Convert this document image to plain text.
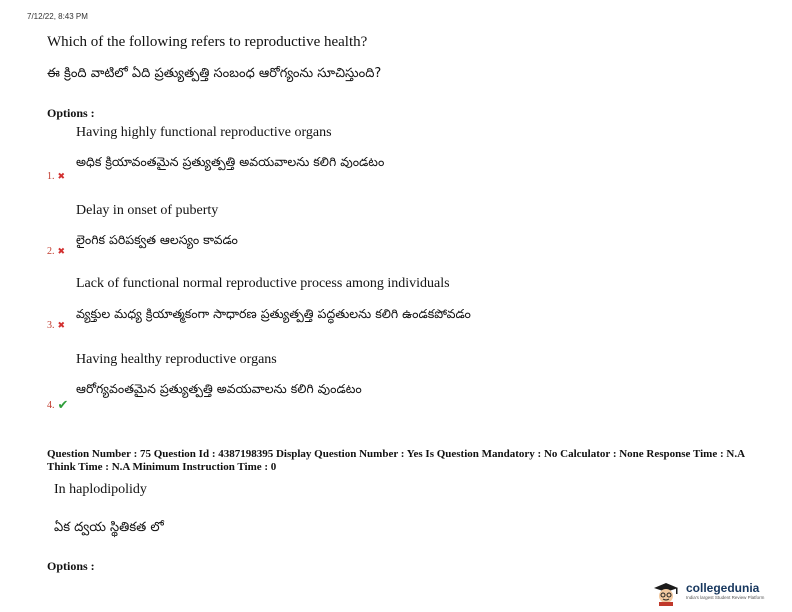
7/12/22, 8:43 PM
Which of the following refers to reproductive health?
ఈ క్రింది వాటిలో ఏది ప్రత్యుత్పత్తి సంబంధ ఆరోగ్యంను సూచిస్తుంది?
Options :
Having highly functional reproductive organs
అధిక క్రియావంతమైన ప్రత్యుత్పత్తి అవయవాలను కలిగి వుండటం
1. ✖
Delay in onset of puberty
లైంగిక పరిపక్వత ఆలస్యం కావడం
2. ✖
Lack of functional normal reproductive process among individuals
వ్యక్తుల మధ్య క్రియాత్మకంగా సాధారణ ప్రత్యుత్పత్తి పద్ధతులను కలిగి ఉండకపోవడం
3. ✖
Having healthy reproductive organs
ఆరోగ్యవంతమైన ప్రత్యుత్పత్తి అవయవాలను కలిగి వుండటం
4. ✔
Question Number : 75 Question Id : 4387198395 Display Question Number : Yes Is Question Mandatory : No Calculator : None Response Time : N.A Think Time : N.A Minimum Instruction Time : 0
In haplodipolidy
ఏక ద్వయ స్థితికత లో
Options :
collegedunia
India's largest Student Review Platform
